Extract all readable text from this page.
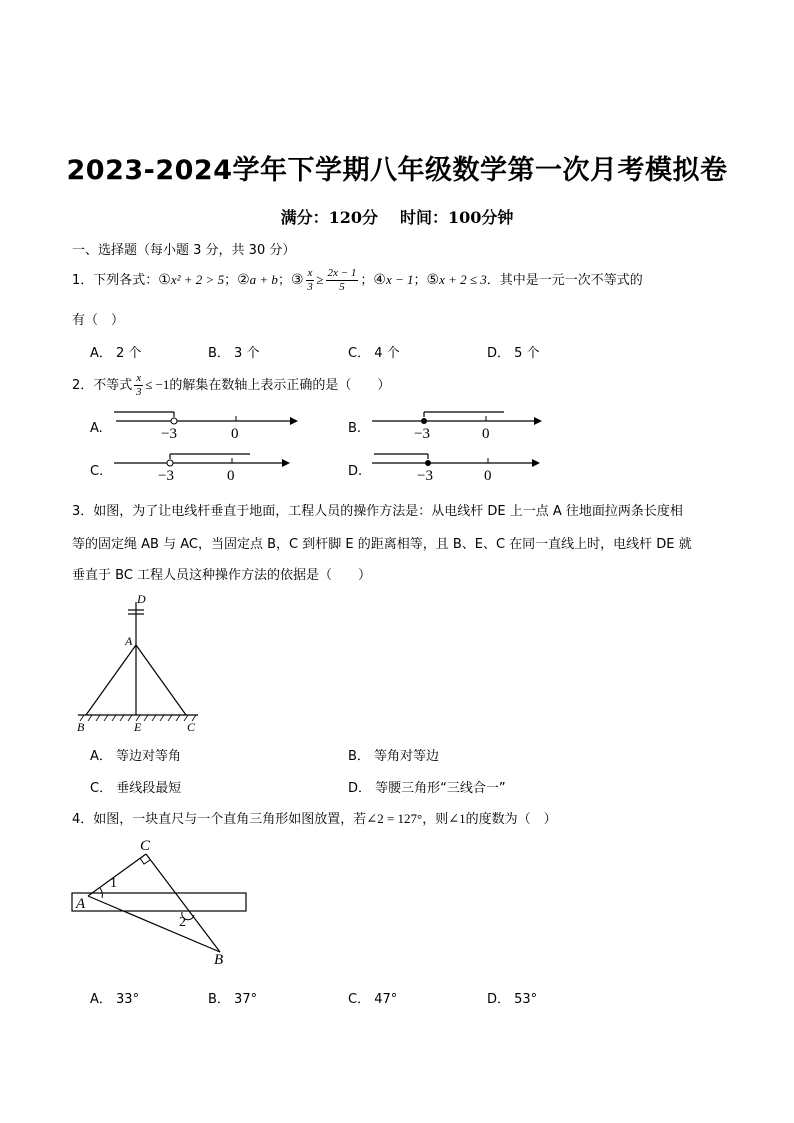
2023-2024学年下学期八年级数学第一次月考模拟卷
满分：120分 时间：100分钟
一、选择题（每小题 3 分，共 30 分）
1．下列各式：①x² + 2 > 5；②a + b；③ $\frac{x}{3} \ge \frac{2x - 1}{5}$ ；④x − 1；⑤x + 2 ≤ 3．其中是一元一次不等式的
有（　）
A． 2 个	B． 3 个	C． 4 个	D． 5 个
2．不等式 $\frac{x}{3} \le -1$的解集在数轴上表示正确的是（　　）
A.	−3	0	B.	−3	0
C.	−3	0	D.	−3	0
3．如图，为了让电线杆垂直于地面，工程人员的操作方法是：从电线杆 DE 上一点 A 往地面拉两条长度相
等的固定绳 AB 与 AC，当固定点 B，C 到杆脚 E 的距离相等，且 B、E、C 在同一直线上时，电线杆 DE 就
垂直于 BC 工程人员这种操作方法的依据是（　　）
D
A
B	E	C
A． 等边对等角	B． 等角对等边
C． 垂线段最短	D． 等腰三角形“三线合一”
4．如图，一块直尺与一个直角三角形如图放置，若∠2 = 127°，则∠1的度数为（　）
C
A
B
1
2
A． 33°	B． 37°	C． 47°	D． 53°
